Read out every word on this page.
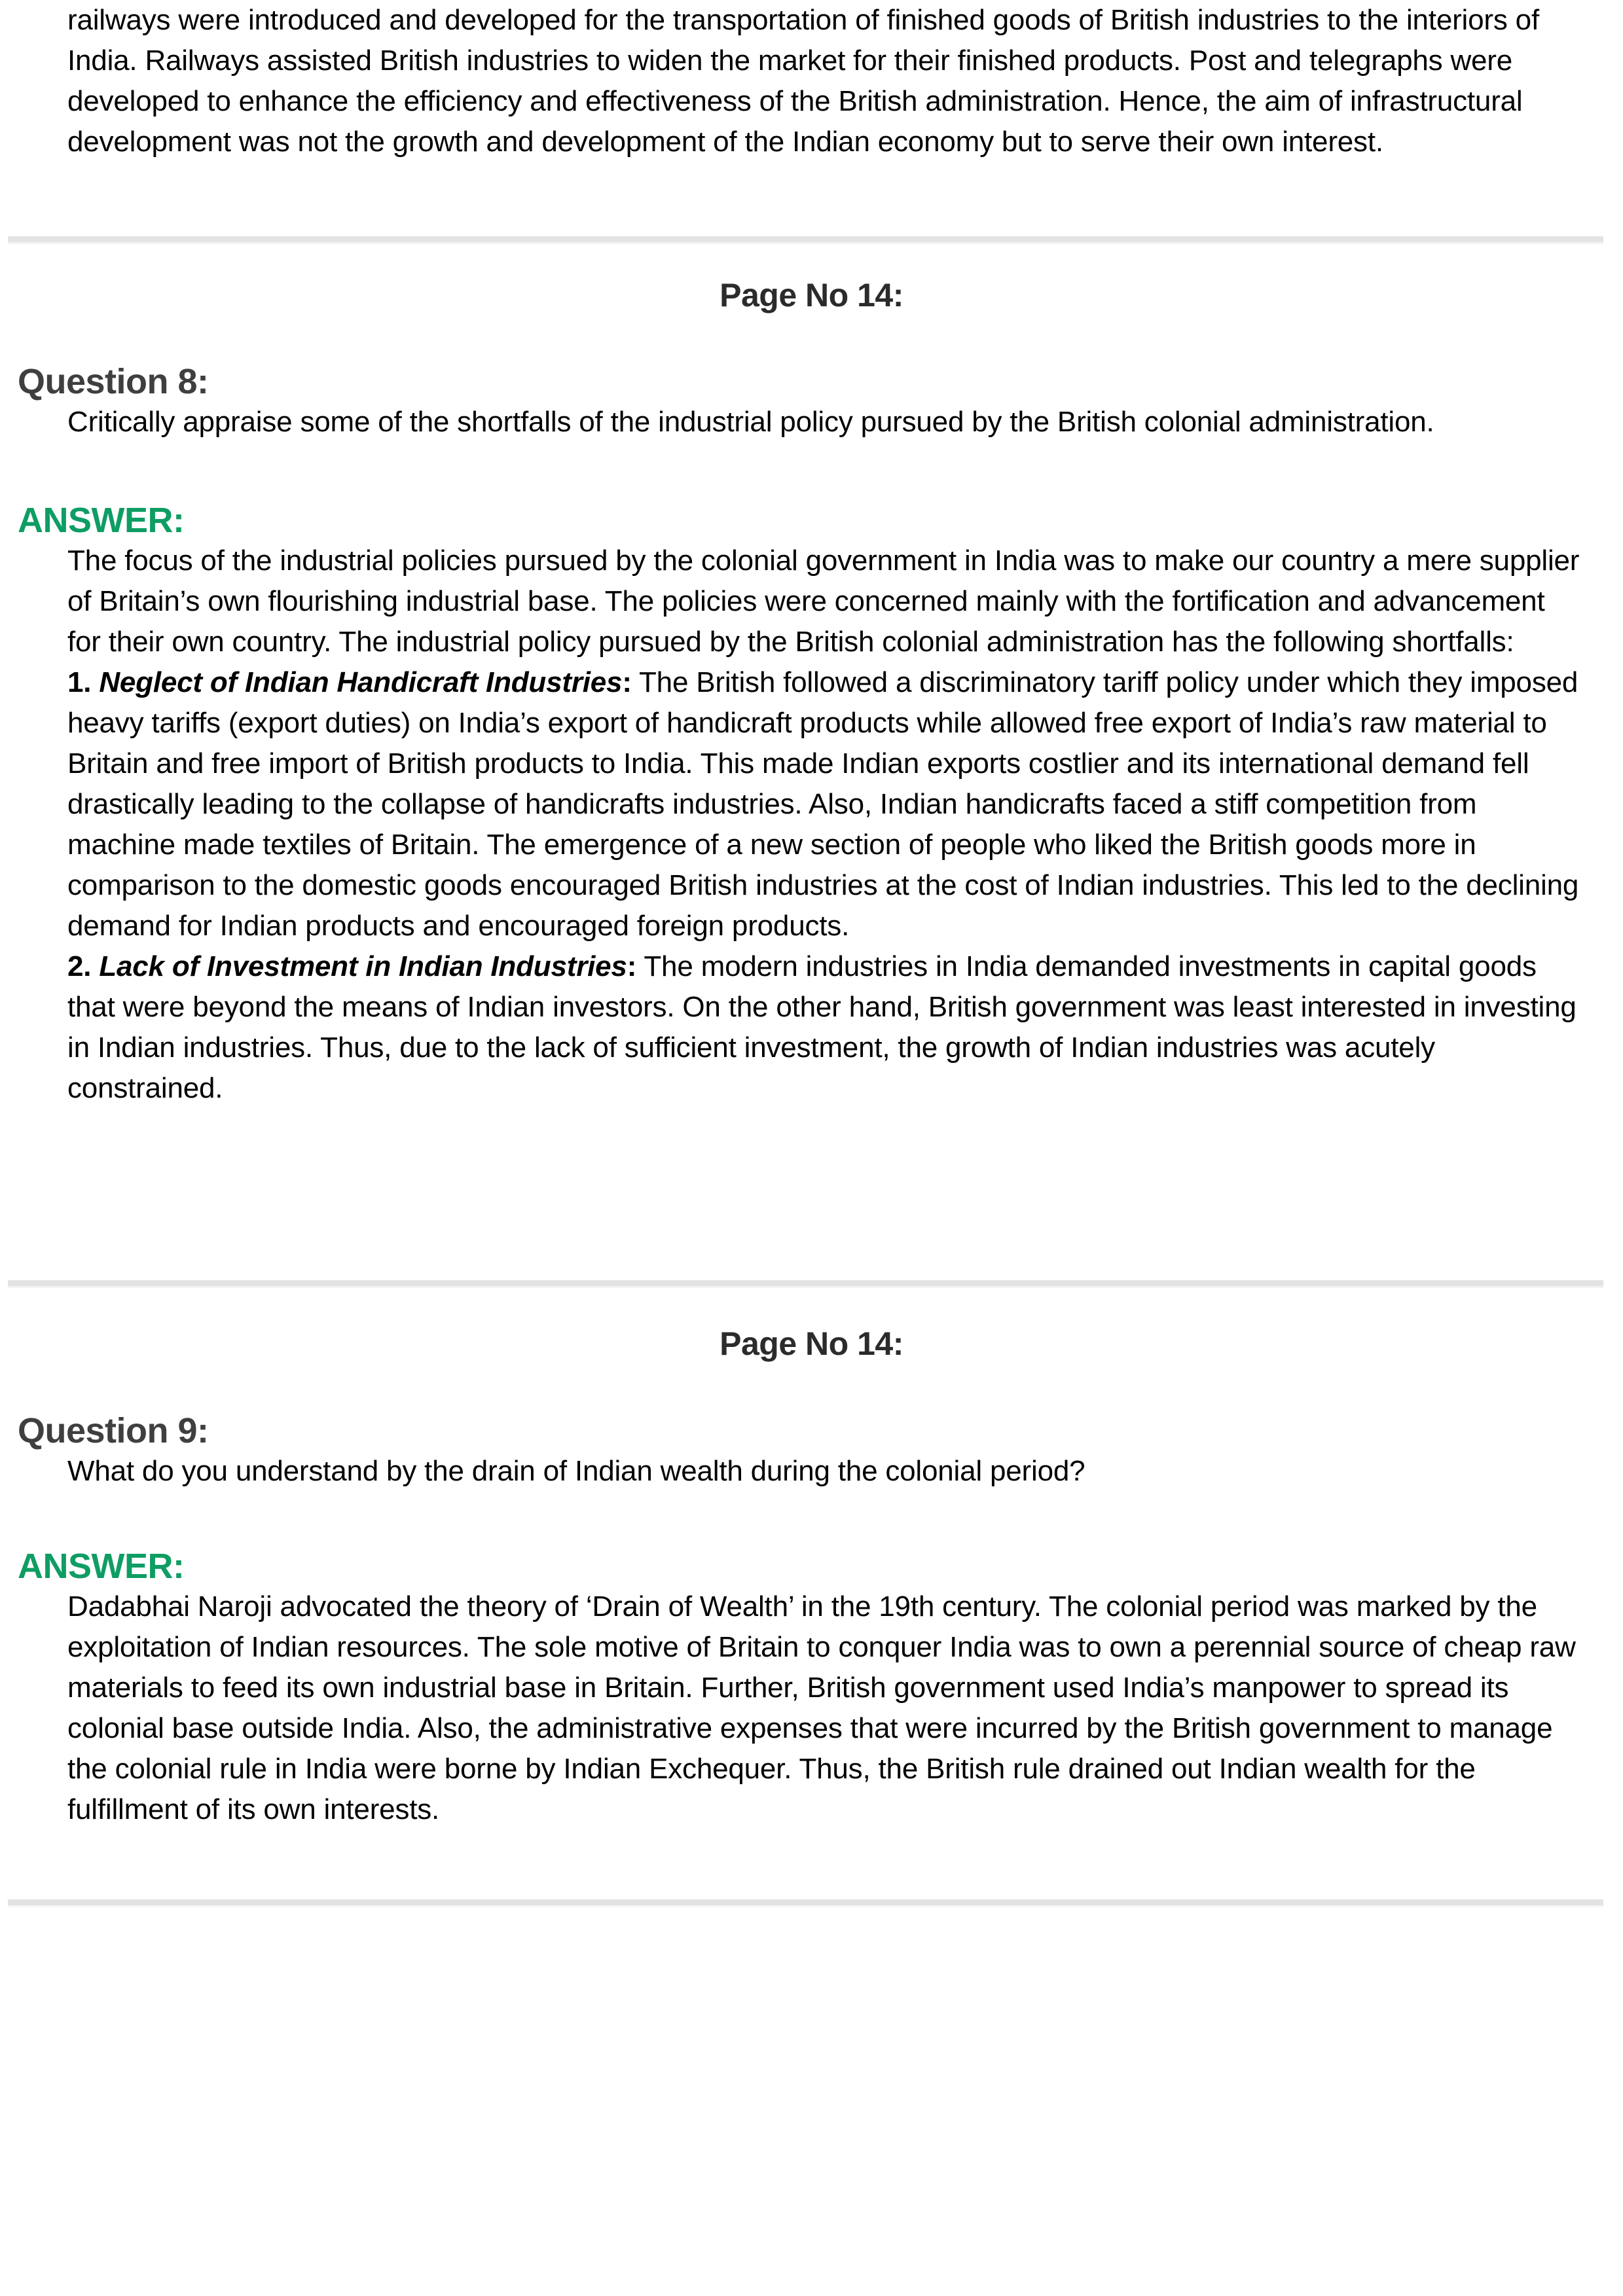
railways were introduced and developed for the transportation of finished goods of British industries to the interiors of India. Railways assisted British industries to widen the market for their finished products. Post and telegraphs were developed to enhance the efficiency and effectiveness of the British administration. Hence, the aim of infrastructural development was not the growth and development of the Indian economy but to serve their own interest.

Page No 14:
Question 8:

Critically appraise some of the shortfalls of the industrial policy pursued by the British colonial administration.

ANSWER:

The focus of the industrial policies pursued by the colonial government in India was to make our country a mere supplier of Britain’s own flourishing industrial base. The policies were concerned mainly with the fortification and advancement for their own country. The industrial policy pursued by the British colonial administration has the following shortfalls:

1. Neglect of Indian Handicraft Industries: The British followed a discriminatory tariff policy under which they imposed heavy tariffs (export duties) on India’s export of handicraft products while allowed free export of India’s raw material to Britain and free import of British products to India. This made Indian exports costlier and its international demand fell drastically leading to the collapse of handicrafts industries. Also, Indian handicrafts faced a stiff competition from machine made textiles of Britain. The emergence of a new section of people who liked the British goods more in comparison to the domestic goods encouraged British industries at the cost of Indian industries. This led to the declining demand for Indian products and encouraged foreign products.

2. Lack of Investment in Indian Industries: The modern industries in India demanded investments in capital goods that were beyond the means of Indian investors. On the other hand, British government was least interested in investing in Indian industries. Thus, due to the lack of sufficient investment, the growth of Indian industries was acutely constrained.

Page No 14:
Question 9:

What do you understand by the drain of Indian wealth during the colonial period?

ANSWER:

Dadabhai Naroji advocated the theory of ‘Drain of Wealth’ in the 19th century. The colonial period was marked by the exploitation of Indian resources. The sole motive of Britain to conquer India was to own a perennial source of cheap raw materials to feed its own industrial base in Britain. Further, British government used India’s manpower to spread its colonial base outside India. Also, the administrative expenses that were incurred by the British government to manage the colonial rule in India were borne by Indian Exchequer. Thus, the British rule drained out Indian wealth for the fulfillment of its own interests.
